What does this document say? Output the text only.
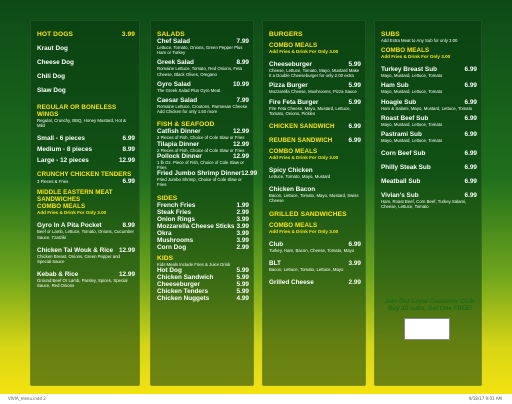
HOT DOGS	3.99
Kraut Dog
Cheese Dog
Chili Dog
Slaw Dog
REGULAR OR BONELESS WINGS
Regular, Crunchy, BBQ, Honey Mustard, Hot & Mild
Small - 6 pieces	6.99
Medium - 8 pieces	8.99
Large - 12 pieces	12.99
CRUNCHY CHICKEN TENDERS
3 Pieces & Fries	6.99
MIDDLE EASTERN MEAT SANDWICHES
COMBO MEALS
Add Fries & Drink For Only 3.00
Gyro In A Pita Pocket	8.99
Beef or Lamb, Lettuce, Tomato, Onions, Cucumber Sauce, Tzatziki
Chicken Tai Wouk & Rice 12.99
Chicken Breast, Onions, Green Pepper and Special Sauce
Kebab & Rice	12.99
Ground Beef Or Lamb, Parsley, Spices, Special Sauce, Red Onions
SALADS
Chef Salad	7.99
Lettuce, Tomato, Onions, Green Pepper Plus Ham or Turkey
Greek Salad	8.99
Romaine Lettuce, Tomato, Red Onions, Feta Cheese, Black Olives, Oregano
Gyro Salad	10.99
The Greek Salad Plus Gyro Meat
Caesar Salad	7.99
Romaine Lettuce, Croutons, Parmesan Cheese Add Chicken for only 1.50 more
FISH & SEAFOOD
Catfish Dinner	12.99
2 Pieces of Fish, Choice of Cole Slaw or Fries
Tilapia Dinner	12.99
2 Pieces of Fish, Choice of Cole Slaw or Fries
Pollock Dinner	12.99
1 lb Oz. Piece of Fish, Choice of Cole Slaw or Fries
Fried Jumbo Shrimp Dinner 12.99
Fried Jumbo Shrimp, Choice of Cole Slaw or Fries
SIDES
French Fries	1.99
Steak Fries	2.99
Onion Rings	3.99
Mozzarella Cheese Sticks 3.99
Okra	3.99
Mushrooms	3.99
Corn Dog	2.99
KIDS
Kids Meals Include Fries & Juice Drink
Hot Dog	5.99
Chicken Sandwich	5.99
Cheeseburger	5.99
Chicken Tenders	5.99
Chicken Nuggets	4.99
BURGERS
COMBO MEALS
Add Fries & Drink For Only 3.00
Cheeseburger	5.99
Cheese, Lettuce, Tomato, Mayo, Mustard Make It a Double Cheeseburger for only 2.00 extra
Pizza Burger	5.99
Mozzarella Cheese, Mushrooms, Pizza Sauce
Fire Feta Burger	5.99
Fire Feta Cheese, Mayo, Mustard, Lettuce, Tomato, Onions, Pickles
CHICKEN SANDWICH 6.99
REUBEN SANDWICH	6.99
COMBO MEALS
Add Fries & Drink For Only 3.00
Spicy Chicken
Lettuce, Tomato, Mayo, Mustard
Chicken Bacon
Bacon, Lettuce, Tomato, Mayo, Mustard, Swiss Cheese
GRILLED SANDWICHES
COMBO MEALS
Add Fries & Drink For Only 3.00
Club	6.99
Turkey, Ham, Bacon, Cheese, Tomato, Mayo
BLT	3.99
Bacon, Lettuce, Tomato, Lettuce, Mayo
Grilled Cheese	2.99
SUBS
Add Extra Meat to Any Sub for only 2.00
COMBO MEALS
Add Fries & Drink For Only 3.00
Turkey Breast Sub	6.99
Mayo, Mustard, Lettuce, Tomato
Ham Sub	6.99
Mayo, Mustard, Lettuce, Tomato
Hoagie Sub	6.99
Ham & Salami, Mayo, Mustard, Lettuce, Tomato
Roast Beef Sub	6.99
Mayo, Mustard, Lettuce, Tomato
Pastrami Sub	6.99
Mayo, Mustard, Lettuce, Tomato
Corn Beef Sub	6.99
Philly Steak Sub	6.99
Meatball Sub	6.99
Vivian's Sub	6.99
Ham, Roast Beef, Corn Beef, Turkey Salami, Cheese, Lettuce, Tomato
Join Our Loyal Customer Club.
Buy 10 subs, Get One FREE!
VIVIA_menu.indd 2	9/18/17 9:01 AM
